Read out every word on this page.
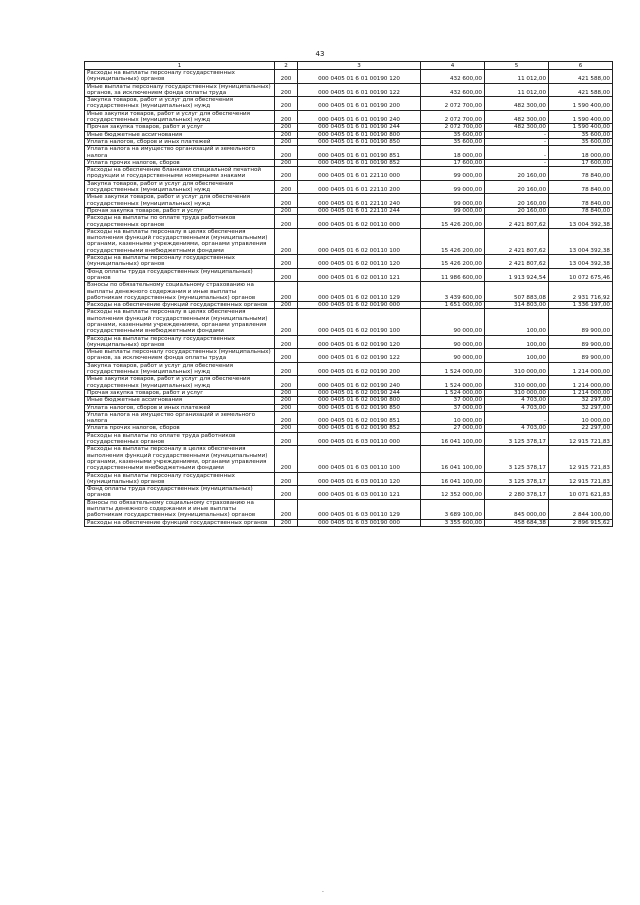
43
1	2	3	4	5	6
Расходы на выплаты персоналу государственных (муниципальных) органов	200	000 0405 01 6 01 00190 120	432 600,00	11 012,00	421 588,00
Иные выплаты персоналу государственных (муниципальных) органов, за исключением фонда оплаты труда	200	000 0405 01 6 01 00190 122	432 600,00	11 012,00	421 588,00
Закупка товаров, работ и услуг для обеспечения государственных (муниципальных) нужд	200	000 0405 01 6 01 00190 200	2 072 700,00	482 300,00	1 590 400,00
Иные закупки товаров, работ и услуг для обеспечения государственных (муниципальных) нужд	200	000 0405 01 6 01 00190 240	2 072 700,00	482 300,00	1 590 400,00
Прочая закупка товаров, работ и услуг	200	000 0405 01 6 01 00190 244	2 072 700,00	482 300,00	1 590 400,00
Иные бюджетные ассигнования	200	000 0405 01 6 01 00190 800	35 600,00	-	35 600,00
Уплата налогов, сборов и иных платежей	200	000 0405 01 6 01 00190 850	35 600,00	-	35 600,00
Уплата налога на имущество организаций и земельного налога	200	000 0405 01 6 01 00190 851	18 000,00	-	18 000,00
Уплата прочих налогов, сборов	200	000 0405 01 6 01 00190 852	17 600,00	-	17 600,00
Расходы на обеспечение бланками специальной печатной продукции и государственными номерными знаками	200	000 0405 01 6 01 22110 000	99 000,00	20 160,00	78 840,00
Закупка товаров, работ и услуг для обеспечения государственных (муниципальных) нужд	200	000 0405 01 6 01 22110 200	99 000,00	20 160,00	78 840,00
Иные закупки товаров, работ и услуг для обеспечения государственных (муниципальных) нужд	200	000 0405 01 6 01 22110 240	99 000,00	20 160,00	78 840,00
Прочая закупка товаров, работ и услуг	200	000 0405 01 6 01 22110 244	99 000,00	20 160,00	78 840,00
Расходы на выплаты по оплате труда работников государственных органов	200	000 0405 01 6 02 00110 000	15 426 200,00	2 421 807,62	13 004 392,38
Расходы на выплаты персоналу в целях обеспечения выполнения функций государственными (муниципальными) органами, казенными учреждениями, органами управления государственными внебюджетными фондами	200	000 0405 01 6 02 00110 100	15 426 200,00	2 421 807,62	13 004 392,38
Расходы на выплаты персоналу государственных (муниципальных) органов	200	000 0405 01 6 02 00110 120	15 426 200,00	2 421 807,62	13 004 392,38
Фонд оплаты труда государственных (муниципальных) органов	200	000 0405 01 6 02 00110 121	11 986 600,00	1 913 924,54	10 072 675,46
Взносы по обязательному социальному страхованию на выплаты денежного содержания и иные выплаты работникам государственных (муниципальных) органов	200	000 0405 01 6 02 00110 129	3 439 600,00	507 883,08	2 931 716,92
Расходы на обеспечение функций государственных органов	200	000 0405 01 6 02 00190 000	1 651 000,00	314 803,00	1 336 197,00
Расходы на выплаты персоналу в целях обеспечения выполнения функций государственными (муниципальными) органами, казенными учреждениями, органами управления государственными внебюджетными фондами	200	000 0405 01 6 02 00190 100	90 000,00	100,00	89 900,00
Расходы на выплаты персоналу государственных (муниципальных) органов	200	000 0405 01 6 02 00190 120	90 000,00	100,00	89 900,00
Иные выплаты персоналу государственных (муниципальных) органов, за исключением фонда оплаты труда	200	000 0405 01 6 02 00190 122	90 000,00	100,00	89 900,00
Закупка товаров, работ и услуг для обеспечения государственных (муниципальных) нужд	200	000 0405 01 6 02 00190 200	1 524 000,00	310 000,00	1 214 000,00
Иные закупки товаров, работ и услуг для обеспечения государственных (муниципальных) нужд	200	000 0405 01 6 02 00190 240	1 524 000,00	310 000,00	1 214 000,00
Прочая закупка товаров, работ и услуг	200	000 0405 01 6 02 00190 244	1 524 000,00	310 000,00	1 214 000,00
Иные бюджетные ассигнования	200	000 0405 01 6 02 00190 800	37 000,00	4 703,00	32 297,00
Уплата налогов, сборов и иных платежей	200	000 0405 01 6 02 00190 850	37 000,00	4 703,00	32 297,00
Уплата налога на имущество организаций и земельного налога	200	000 0405 01 6 02 00190 851	10 000,00	-	10 000,00
Уплата прочих налогов, сборов	200	000 0405 01 6 02 00190 852	27 000,00	4 703,00	22 297,00
Расходы на выплаты по оплате труда работников государственных органов	200	000 0405 01 6 03 00110 000	16 041 100,00	3 125 378,17	12 915 721,83
Расходы на выплаты персоналу в целях обеспечения выполнения функций государственными (муниципальными) органами, казенными учреждениями, органами управления государственными внебюджетными фондами	200	000 0405 01 6 03 00110 100	16 041 100,00	3 125 378,17	12 915 721,83
Расходы на выплаты персоналу государственных (муниципальных) органов	200	000 0405 01 6 03 00110 120	16 041 100,00	3 125 378,17	12 915 721,83
Фонд оплаты труда государственных (муниципальных) органов	200	000 0405 01 6 03 00110 121	12 352 000,00	2 280 378,17	10 071 621,83
Взносы по обязательному социальному страхованию на выплаты денежного содержания и иные выплаты работникам государственных (муниципальных) органов	200	000 0405 01 6 03 00110 129	3 689 100,00	845 000,00	2 844 100,00
Расходы на обеспечение функций государственных органов	200	000 0405 01 6 03 00190 000	3 355 600,00	458 684,38	2 896 915,62
.
